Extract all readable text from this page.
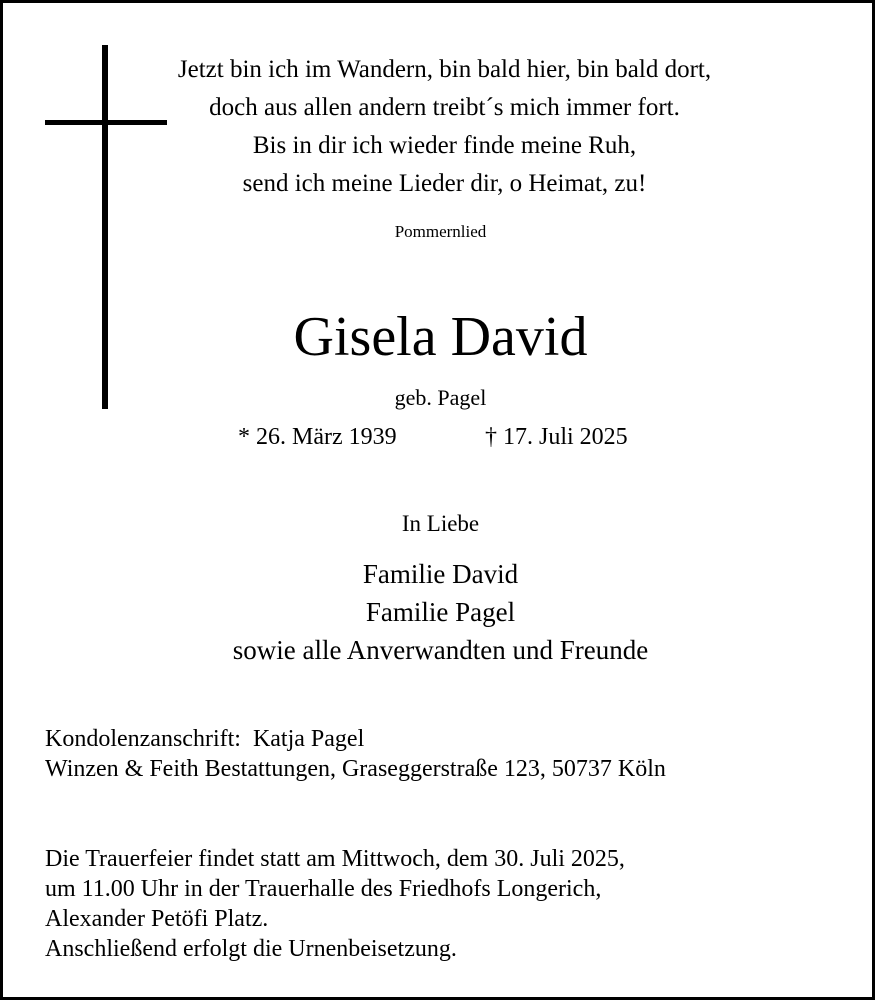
Jetzt bin ich im Wandern, bin bald hier, bin bald dort,
doch aus allen andern treibt´s mich immer fort.
Bis in dir ich wieder finde meine Ruh,
send ich meine Lieder dir, o Heimat, zu!
Pommernlied
Gisela David
geb. Pagel
* 26. März 1939	† 17. Juli 2025
In Liebe
Familie David
Familie Pagel
sowie alle Anverwandten und Freunde
Kondolenzanschrift:  Katja Pagel
Winzen & Feith Bestattungen, Graseggerstraße 123, 50737 Köln
Die Trauerfeier findet statt am Mittwoch, dem 30. Juli 2025,
um 11.00 Uhr in der Trauerhalle des Friedhofs Longerich,
Alexander Petöfi Platz.
Anschließend erfolgt die Urnenbeisetzung.
